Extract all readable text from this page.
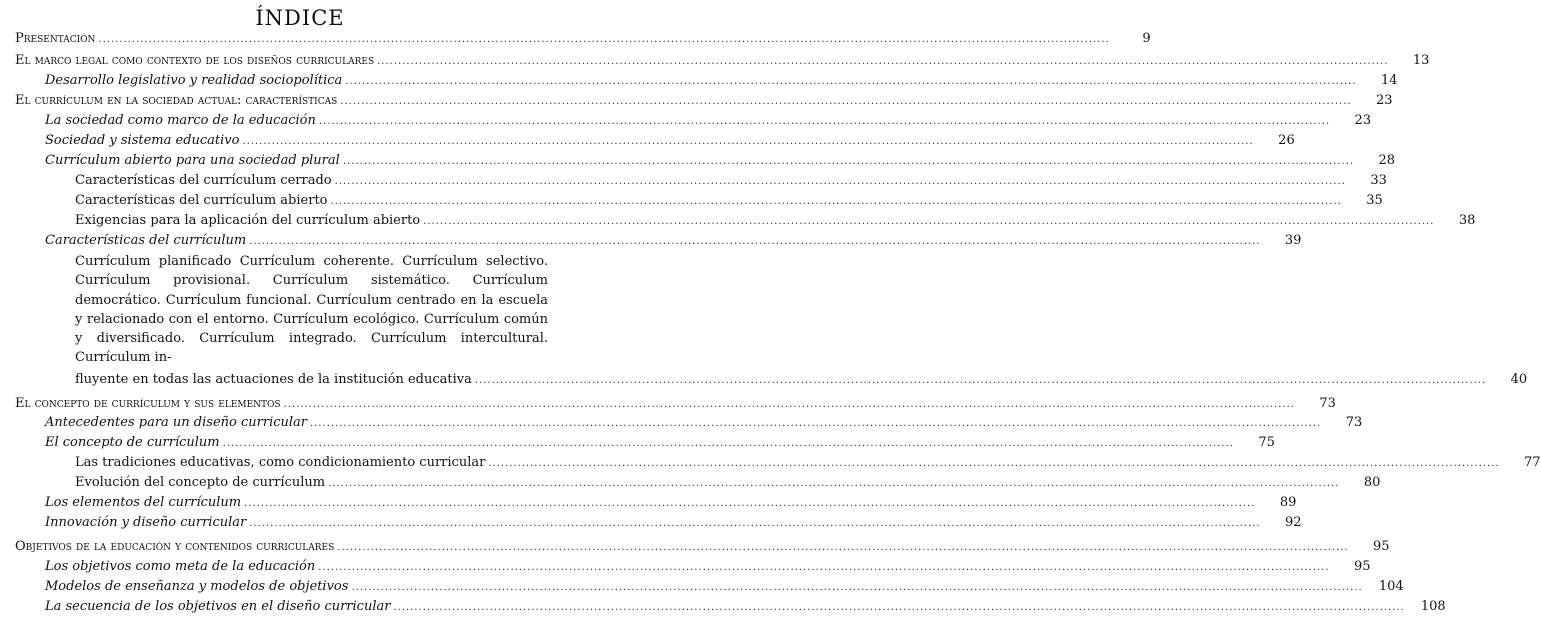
ÍNDICE
Presentación .....	9
El marco legal como contexto de los diseños curriculares .....	13
Desarrollo legislativo y realidad sociopolítica .....	14
El currículum en la sociedad actual: características .....	23
La sociedad como marco de la educación .....	23
Sociedad y sistema educativo .....	26
Currículum abierto para una sociedad plural .....	28
Características del currículum cerrado .....	33
Características del currículum abierto .....	35
Exigencias para la aplicación del currículum abierto .....	38
Características del currículum .....	39
Currículum planificado Currículum coherente. Currículum selectivo. Currículum provisional. Currículum sistemático. Currículum democrático. Currículum funcional. Currículum centrado en la escuela y relacionado con el entorno. Currículum ecológico. Currículum común y diversificado. Currículum integrado. Currículum intercultural. Currículum in-
fluyente en todas las actuaciones de la institución educativa .....	40
El concepto de currículum y sus elementos .....	73
Antecedentes para un diseño curricular .....	73
El concepto de currículum .....	75
Las tradiciones educativas, como condicionamiento curricular .....	77
Evolución del concepto de currículum .....	80
Los elementos del currículum .....	89
Innovación y diseño curricular .....	92
Objetivos de la educación y contenidos curriculares .....	95
Los objetivos como meta de la educación .....	95
Modelos de enseñanza y modelos de objetivos .....	104
La secuencia de los objetivos en el diseño curricular .....	108
